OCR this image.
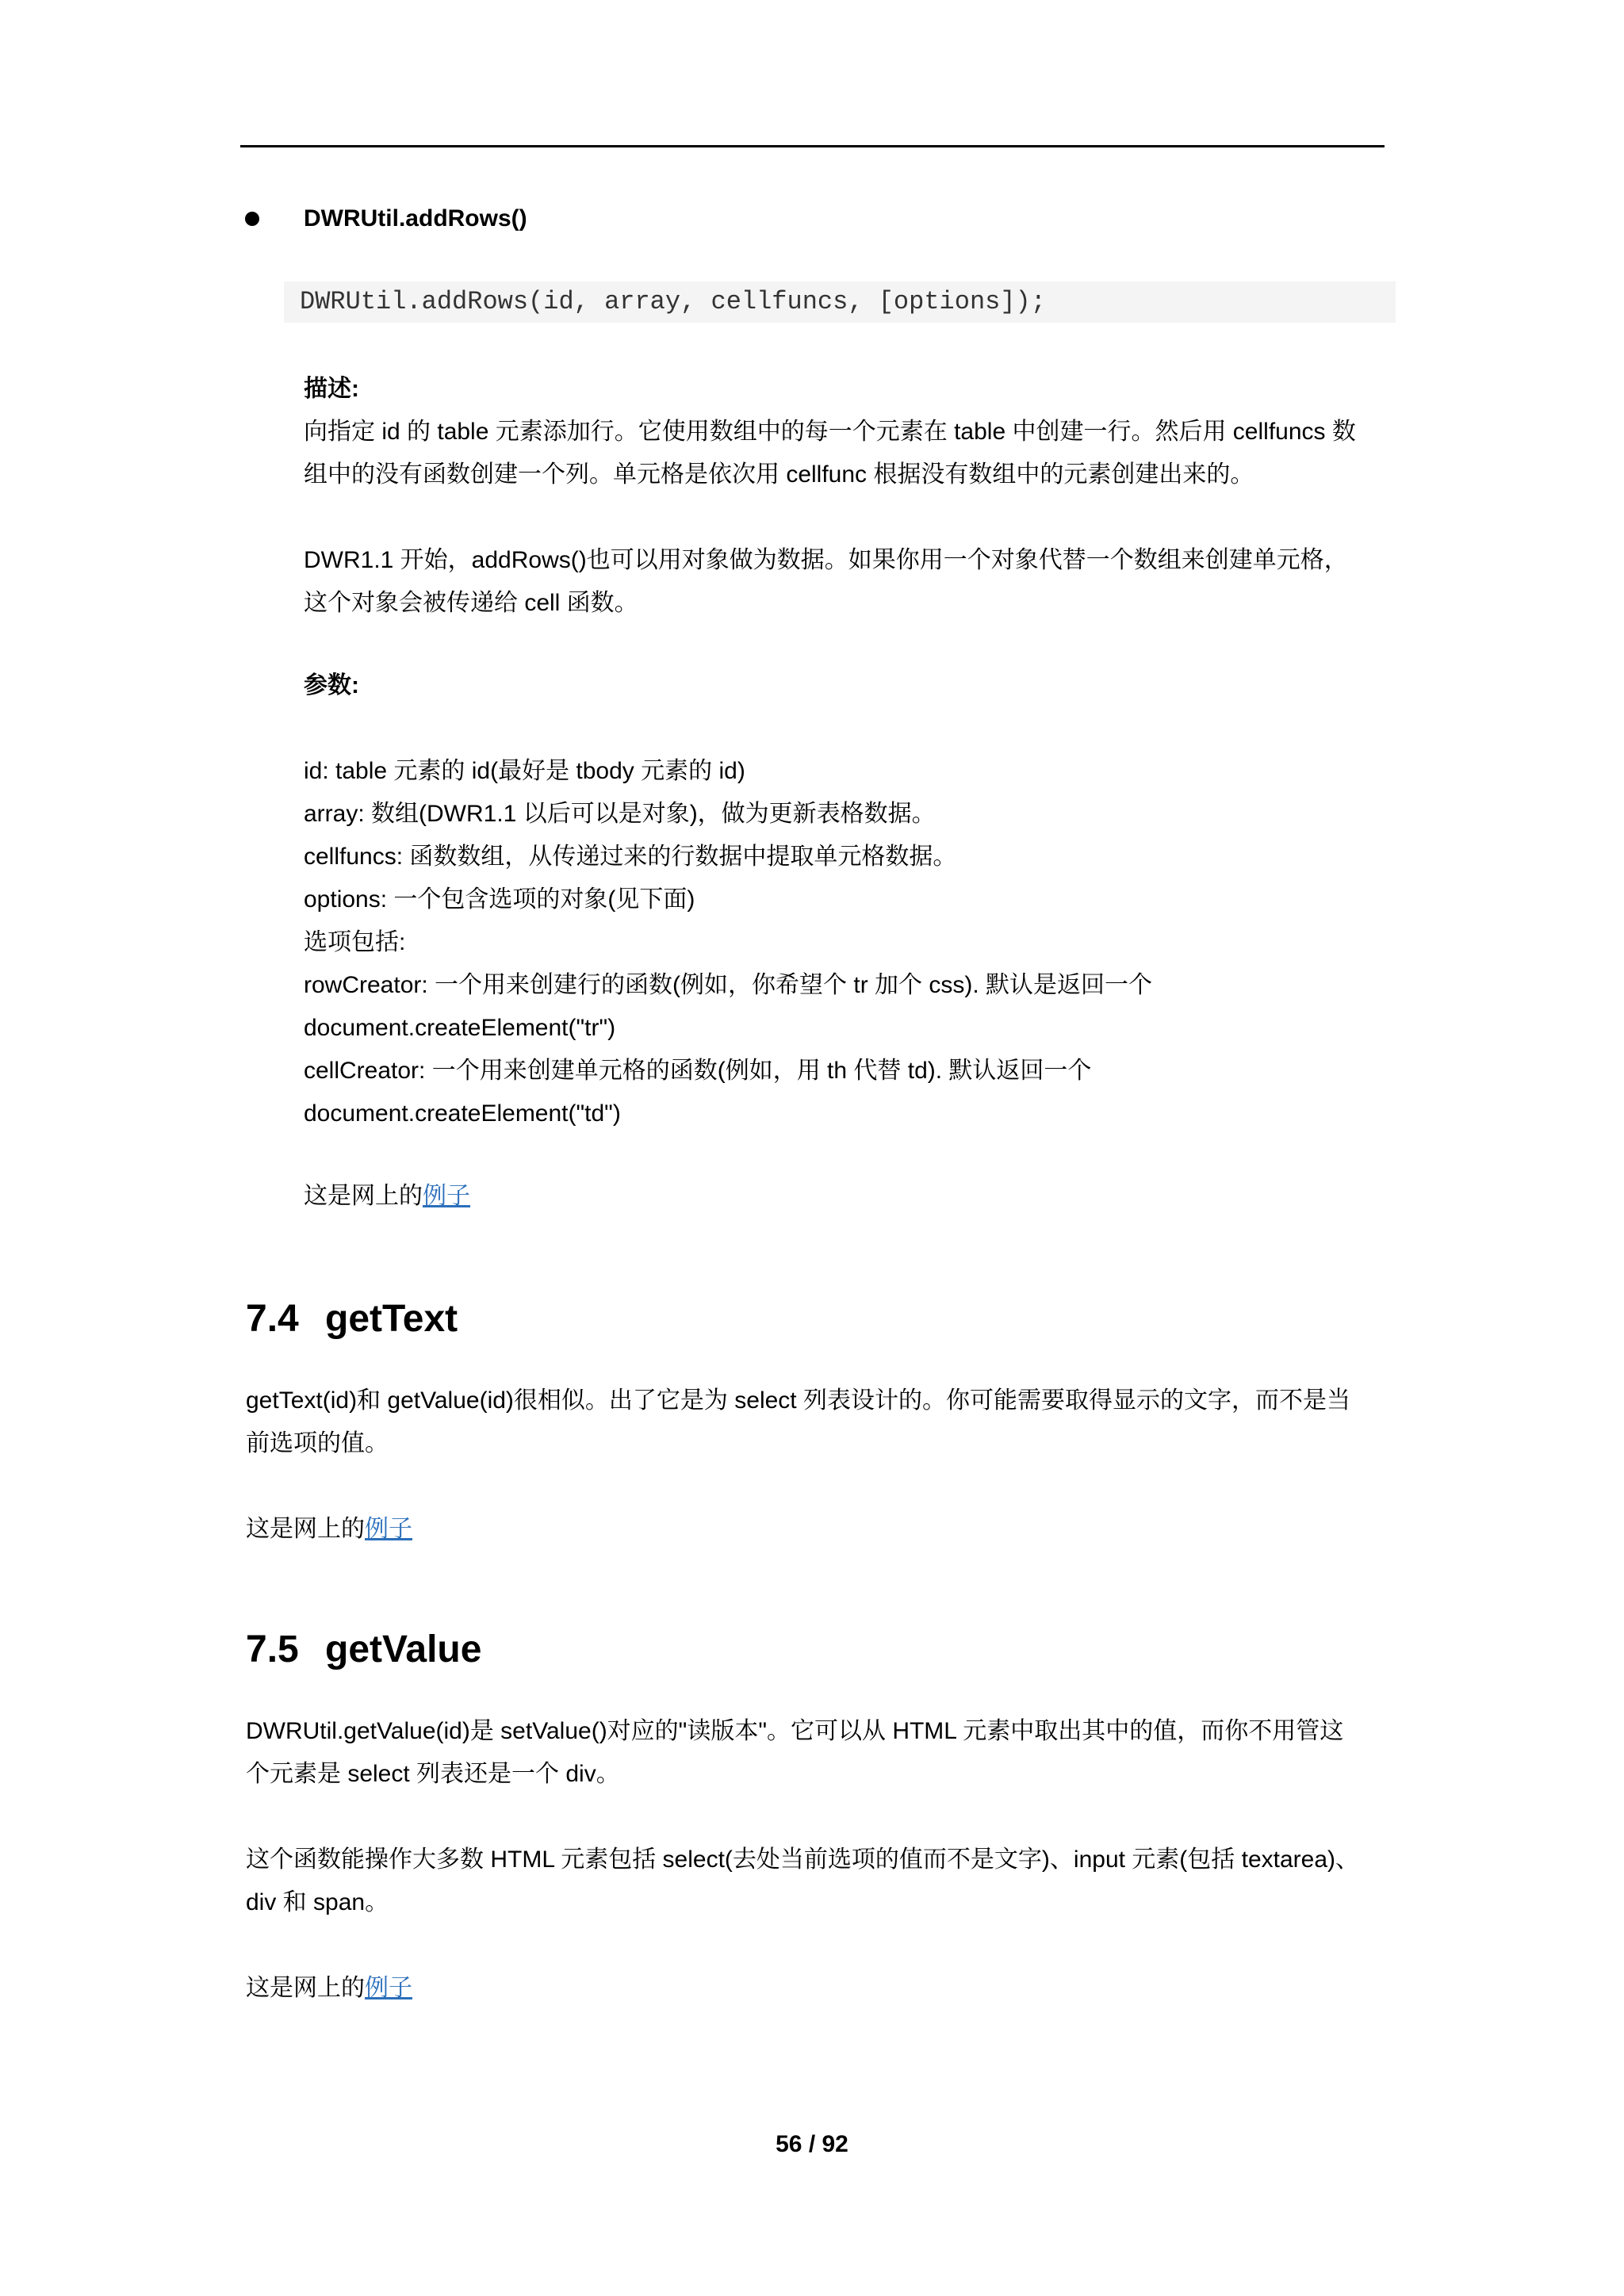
DWRUtil.addRows()
DWRUtil.addRows(id, array, cellfuncs, [options]);
描述:
向指定 id 的 table 元素添加行。它使用数组中的每一个元素在 table 中创建一行。然后用 cellfuncs 数
组中的没有函数创建一个列。单元格是依次用 cellfunc 根据没有数组中的元素创建出来的。
DWR1.1 开始，addRows()也可以用对象做为数据。如果你用一个对象代替一个数组来创建单元格，
这个对象会被传递给 cell 函数。
参数:
id: table 元素的 id(最好是 tbody 元素的 id)
array: 数组(DWR1.1 以后可以是对象)，做为更新表格数据。
cellfuncs: 函数数组，从传递过来的行数据中提取单元格数据。
options: 一个包含选项的对象(见下面)
选项包括:
rowCreator: 一个用来创建行的函数(例如，你希望个 tr 加个 css). 默认是返回一个
document.createElement("tr")
cellCreator: 一个用来创建单元格的函数(例如，用 th 代替 td). 默认返回一个
document.createElement("td")
这是网上的例子
7.4 getText
getText(id)和 getValue(id)很相似。出了它是为 select 列表设计的。你可能需要取得显示的文字，而不是当
前选项的值。
这是网上的例子
7.5 getValue
DWRUtil.getValue(id)是 setValue()对应的"读版本"。它可以从 HTML 元素中取出其中的值，而你不用管这
个元素是 select 列表还是一个 div。
这个函数能操作大多数 HTML 元素包括 select(去处当前选项的值而不是文字)、input 元素(包括 textarea)、
div 和 span。
这是网上的例子
56 / 92
